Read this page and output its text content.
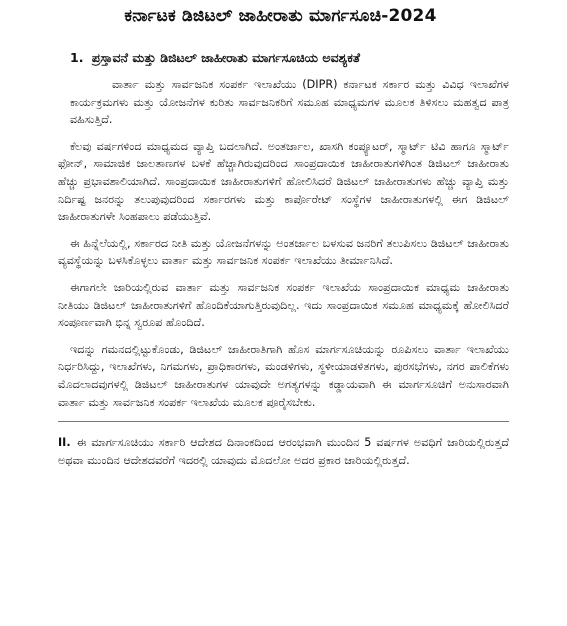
ಕರ್ನಾಟಕ ಡಿಜಿಟಲ್ ಜಾಹೀರಾತು ಮಾರ್ಗಸೂಚಿ-2024
1. ಪ್ರಸ್ತಾವನೆ ಮತ್ತು ಡಿಜಿಟಲ್ ಜಾಹೀರಾತು ಮಾರ್ಗಸೂಚಿಯ ಅವಶ್ಯಕತೆ

ವಾರ್ತಾ ಮತ್ತು ಸಾರ್ವಜನಿಕ ಸಂಪರ್ಕ ಇಲಾಖೆಯು (DIPR) ಕರ್ನಾಟಕ ಸರ್ಕಾರ ಮತ್ತು ವಿವಿಧ ಇಲಾಖೆಗಳ ಕಾರ್ಯಕ್ರಮಗಳು ಮತ್ತು ಯೋಜನೆಗಳ ಕುರಿತು ಸಾರ್ವಜನಿಕರಿಗೆ ಸಮೂಹ ಮಾಧ್ಯಮಗಳ ಮೂಲಕ ತಿಳಿಸಲು ಮಹತ್ವದ ಪಾತ್ರ ವಹಿಸುತ್ತಿದೆ.

ಕೆಲವು ವರ್ಷಗಳಿಂದ ಮಾಧ್ಯಮದ ವ್ಯಾಪ್ತಿ ಬದಲಾಗಿದೆ. ಅಂತರ್ಜಾಲ, ಖಾಸಗಿ ಕಂಪ್ಯೂಟರ್, ಸ್ಮಾರ್ಟ್ ಟಿವಿ ಹಾಗೂ ಸ್ಮಾರ್ಟ್ ಫೋನ್, ಸಾಮಾಜಿಕ ಜಾಲತಾಣಗಳ ಬಳಕೆ ಹೆಚ್ಚಾಗಿರುವುದರಿಂದ ಸಾಂಪ್ರದಾಯಿಕ ಜಾಹೀರಾತುಗಳಿಗಿಂತ ಡಿಜಿಟಲ್ ಜಾಹೀರಾತು ಹೆಚ್ಚು ಪ್ರಭಾವಶಾಲಿಯಾಗಿದೆ. ಸಾಂಪ್ರದಾಯಿಕ ಜಾಹೀರಾತುಗಳಿಗೆ ಹೋಲಿಸಿದರೆ ಡಿಜಿಟಲ್ ಜಾಹೀರಾತುಗಳು ಹೆಚ್ಚು ವ್ಯಾಪ್ತಿ ಮತ್ತು ನಿರ್ದಿಷ್ಟ ಜನರನ್ನು ತಲುಪುವುದರಿಂದ ಸರ್ಕಾರಗಳು ಮತ್ತು ಕಾರ್ಪೊರೇಟ್ ಸಂಸ್ಥೆಗಳ ಜಾಹೀರಾತುಗಳಲ್ಲಿ ಈಗ ಡಿಜಿಟಲ್ ಜಾಹೀರಾತುಗಳೇ ಸಿಂಹಪಾಲು ಪಡೆಯುತ್ತಿವೆ.

ಈ ಹಿನ್ನೆಲೆಯಲ್ಲಿ, ಸರ್ಕಾರದ ನೀತಿ ಮತ್ತು ಯೋಜನೆಗಳನ್ನು ಅಂತರ್ಜಾಲ ಬಳಸುವ ಜನರಿಗೆ ತಲುಪಿಸಲು ಡಿಜಿಟಲ್ ಜಾಹೀರಾತು ವ್ಯವಸ್ಥೆಯನ್ನು ಬಳಸಿಕೊಳ್ಳಲು ವಾರ್ತಾ ಮತ್ತು ಸಾರ್ವಜನಿಕ ಸಂಪರ್ಕ ಇಲಾಖೆಯು ತೀರ್ಮಾನಿಸಿದೆ.

ಈಗಾಗಲೇ ಜಾರಿಯಲ್ಲಿರುವ ವಾರ್ತಾ ಮತ್ತು ಸಾರ್ವಜನಿಕ ಸಂಪರ್ಕ ಇಲಾಖೆಯ ಸಾಂಪ್ರದಾಯಿಕ ಮಾಧ್ಯಮ ಜಾಹೀರಾತು ನೀತಿಯು ಡಿಜಿಟಲ್ ಜಾಹೀರಾತುಗಳಿಗೆ ಹೊಂದಿಕೆಯಾಗುತ್ತಿರುವುದಿಲ್ಲ. ಇದು ಸಾಂಪ್ರದಾಯಿಕ ಸಮೂಹ ಮಾಧ್ಯಮಕ್ಕೆ ಹೋಲಿಸಿದರೆ ಸಂಪೂರ್ಣವಾಗಿ ಭಿನ್ನ ಸ್ವರೂಪ ಹೊಂದಿದೆ.

ಇದನ್ನು ಗಮನದಲ್ಲಿಟ್ಟುಕೊಂಡು, ಡಿಜಿಟಲ್ ಜಾಹೀರಾತಿಗಾಗಿ ಹೊಸ ಮಾರ್ಗಸೂಚಿಯನ್ನು ರೂಪಿಸಲು ವಾರ್ತಾ ಇಲಾಖೆಯು ನಿರ್ಧರಿಸಿದ್ದು, ಇಲಾಖೆಗಳು, ನಿಗಮಗಳು, ಪ್ರಾಧಿಕಾರಗಳು, ಮಂಡಳಿಗಳು, ಸ್ಥಳೀಯಾಡಳಿತಗಳು, ಪುರಸಭೆಗಳು, ನಗರ ಪಾಲಿಕೆಗಳು ಮೊದಲಾದವುಗಳಲ್ಲಿ ಡಿಜಿಟಲ್ ಜಾಹೀರಾತುಗಳ ಯಾವುದೇ ಅಗತ್ಯಗಳನ್ನು ಕಡ್ಡಾಯವಾಗಿ ಈ ಮಾರ್ಗಸೂಚಿಗೆ ಅನುಸಾರವಾಗಿ ವಾರ್ತಾ ಮತ್ತು ಸಾರ್ವಜನಿಕ ಸಂಪರ್ಕ ಇಲಾಖೆಯ ಮೂಲಕ ಪೂರೈಸಬೇಕು.

II. ಈ ಮಾರ್ಗಸೂಚಿಯು ಸರ್ಕಾರಿ ಆದೇಶದ ದಿನಾಂಕದಿಂದ ಆರಂಭವಾಗಿ ಮುಂದಿನ 5 ವರ್ಷಗಳ ಅವಧಿಗೆ ಜಾರಿಯಲ್ಲಿರುತ್ತದೆ ಅಥವಾ ಮುಂದಿನ ಆದೇಶದವರೆಗೆ ಇದರಲ್ಲಿ ಯಾವುದು ಮೊದಲೋ ಅದರ ಪ್ರಕಾರ ಜಾರಿಯಲ್ಲಿರುತ್ತದೆ.
